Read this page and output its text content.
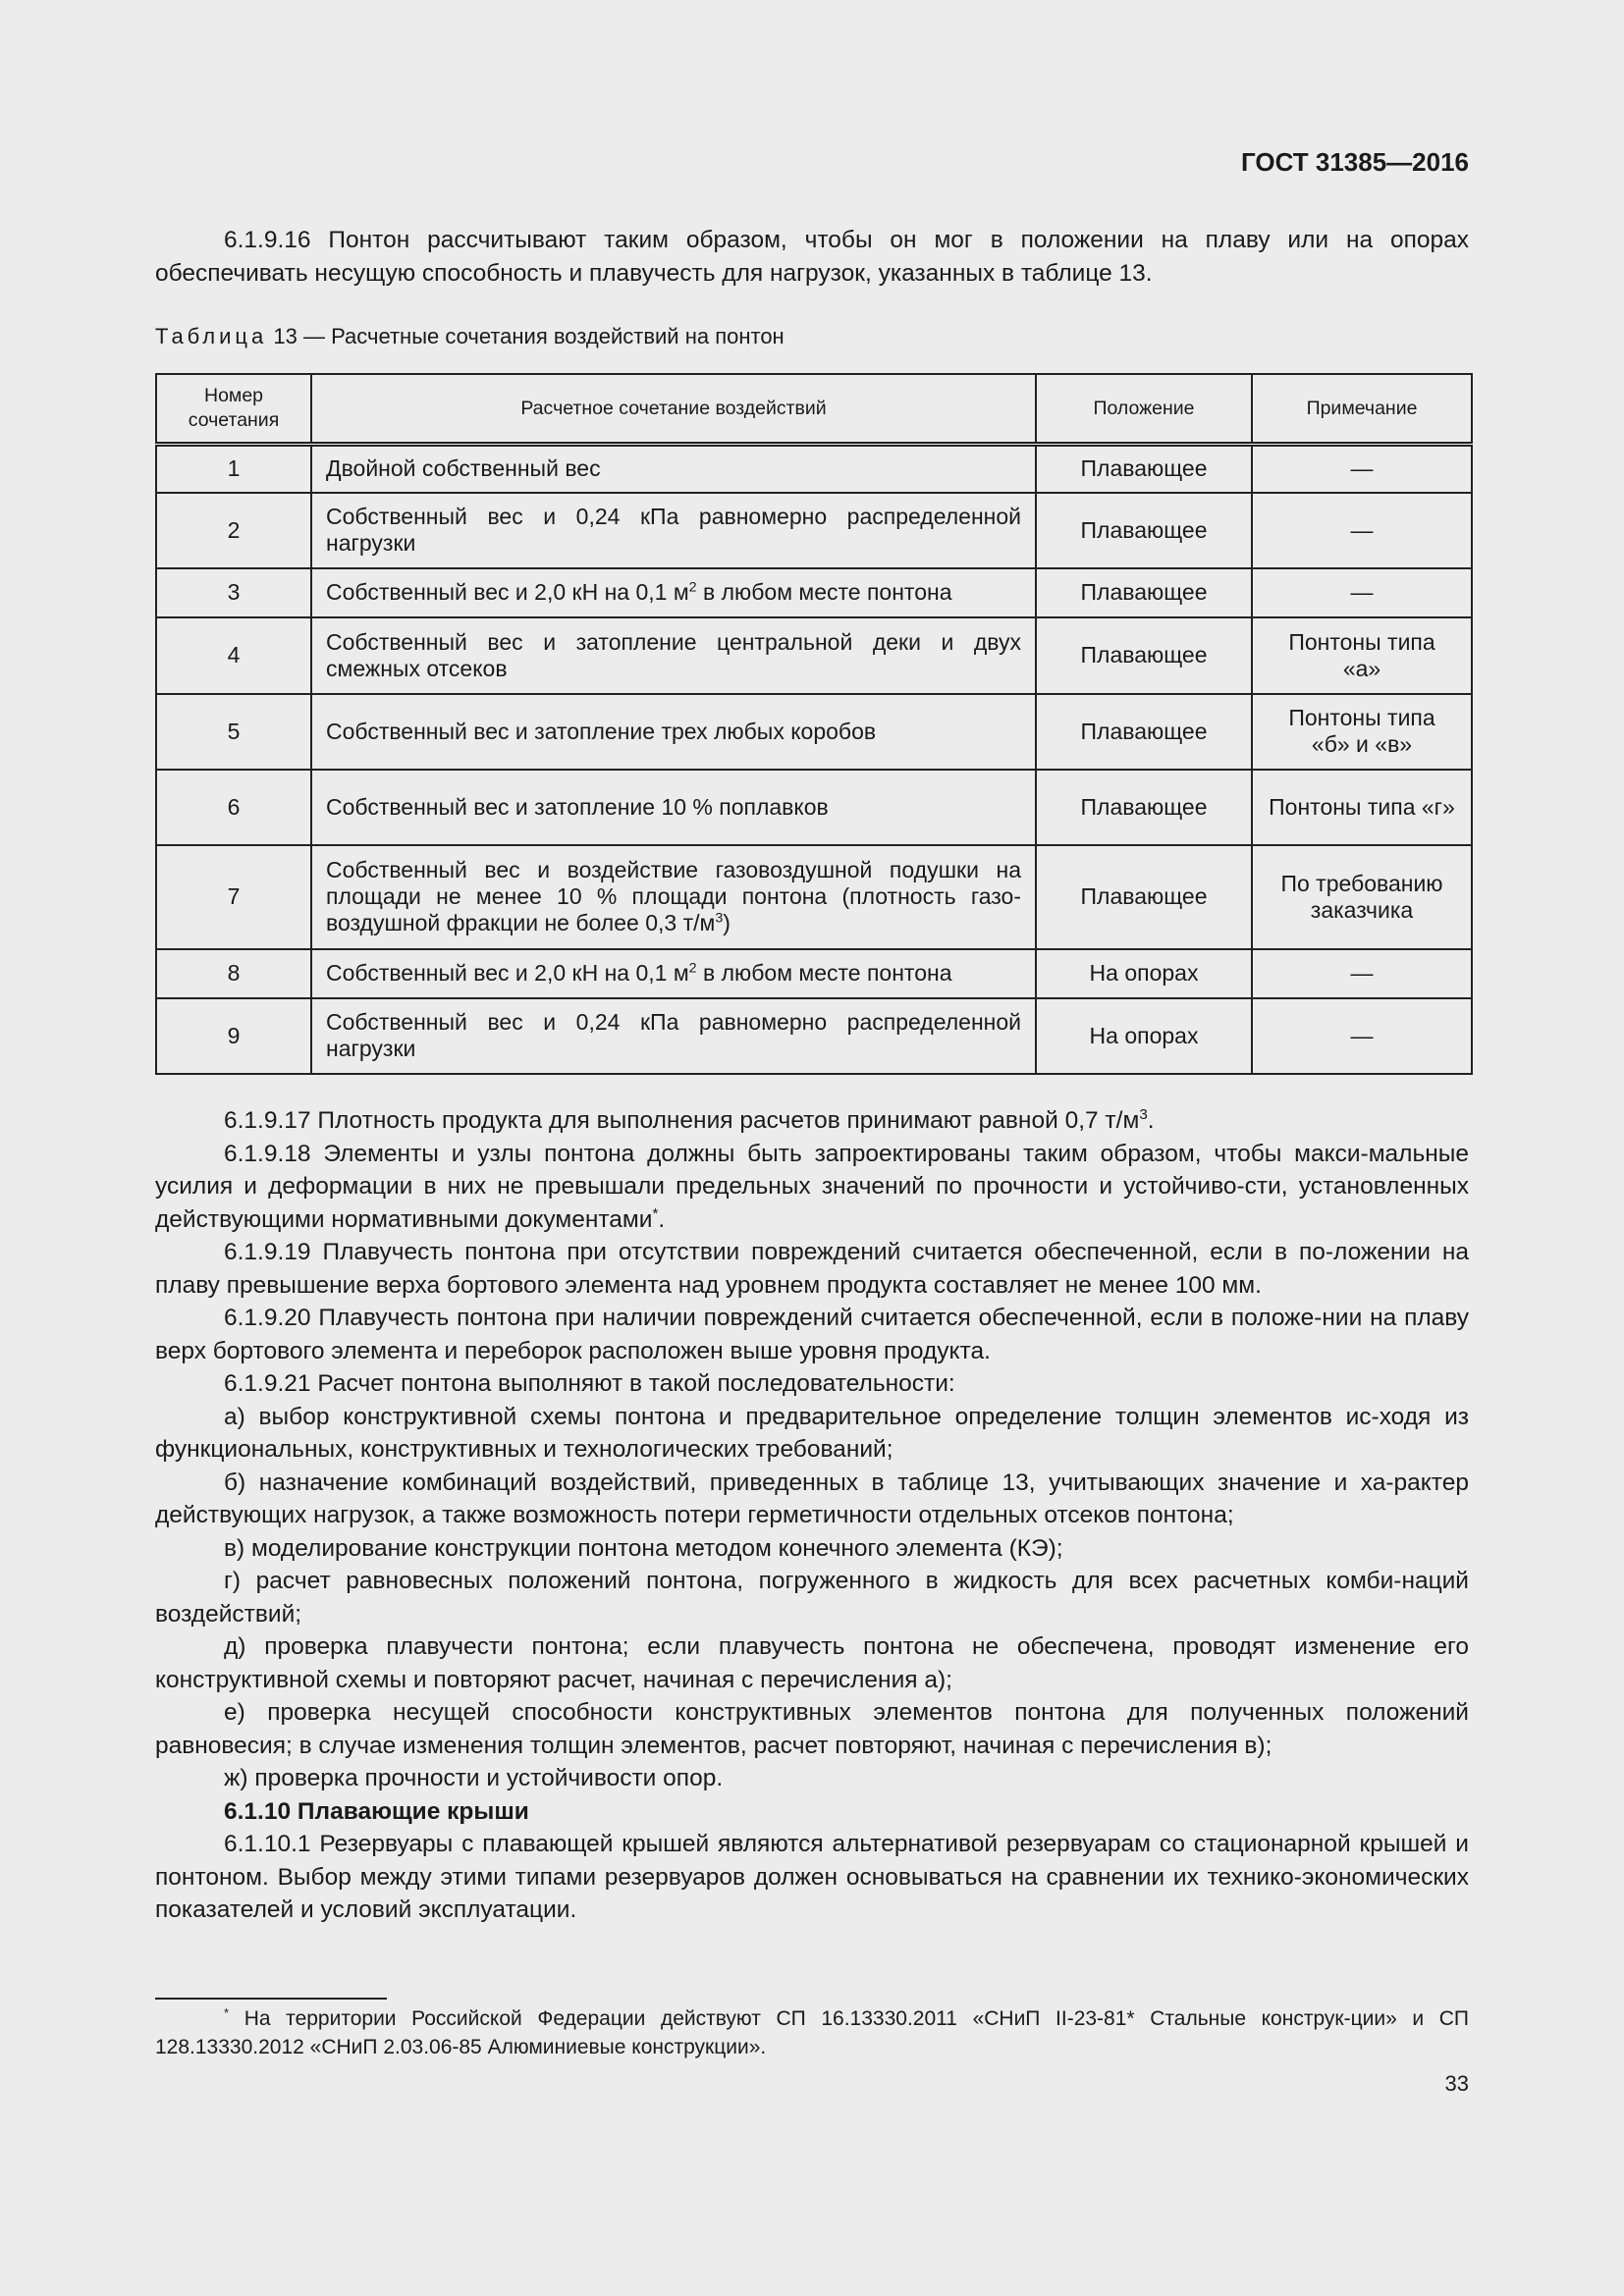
ГОСТ 31385—2016

6.1.9.16 Понтон рассчитывают таким образом, чтобы он мог в положении на плаву или на опорах обеспечивать несущую способность и плавучесть для нагрузок, указанных в таблице 13.

Таблица 13 — Расчетные сочетания воздействий на понтон
Номер сочетания	Расчетное сочетание воздействий	Положение	Примечание
1	Двойной собственный вес	Плавающее	—
2	Собственный вес и 0,24 кПа равномерно распределенной нагрузки	Плавающее	—
3	Собственный вес и 2,0 кН на 0,1 $м^2$ в любом месте понтона	Плавающее	—
4	Собственный вес и затопление центральной деки и двух смежных отсеков	Плавающее	Понтоны типа «а»
5	Собственный вес и затопление трех любых коробов	Плавающее	Понтоны типа «б» и «в»
6	Собственный вес и затопление 10 % поплавков	Плавающее	Понтоны типа «г»
7	Собственный вес и воздействие газовоздушной подушки на площади не менее 10 % площади понтона (плотность газо-воздушной фракции не более 0,3 $т/м^3$)	Плавающее	По требованию заказчика
8	Собственный вес и 2,0 кН на 0,1 $м^2$ в любом месте понтона	На опорах	—
9	Собственный вес и 0,24 кПа равномерно распределенной нагрузки	На опорах	—

6.1.9.17 Плотность продукта для выполнения расчетов принимают равной 0,7 $т/м^3$.

6.1.9.18 Элементы и узлы понтона должны быть запроектированы таким образом, чтобы макси-мальные усилия и деформации в них не превышали предельных значений по прочности и устойчиво-сти, установленных действующими нормативными документами*.

6.1.9.19 Плавучесть понтона при отсутствии повреждений считается обеспеченной, если в по-ложении на плаву превышение верха бортового элемента над уровнем продукта составляет не менее 100 мм.

6.1.9.20 Плавучесть понтона при наличии повреждений считается обеспеченной, если в положе-нии на плаву верх бортового элемента и переборок расположен выше уровня продукта.

6.1.9.21 Расчет понтона выполняют в такой последовательности:

а) выбор конструктивной схемы понтона и предварительное определение толщин элементов ис-ходя из функциональных, конструктивных и технологических требований;

б) назначение комбинаций воздействий, приведенных в таблице 13, учитывающих значение и ха-рактер действующих нагрузок, а также возможность потери герметичности отдельных отсеков понтона;

в) моделирование конструкции понтона методом конечного элемента (КЭ);

г) расчет равновесных положений понтона, погруженного в жидкость для всех расчетных комби-наций воздействий;

д) проверка плавучести понтона; если плавучесть понтона не обеспечена, проводят изменение его конструктивной схемы и повторяют расчет, начиная с перечисления а);

е) проверка несущей способности конструктивных элементов понтона для полученных положений равновесия; в случае изменения толщин элементов, расчет повторяют, начиная с перечисления в);

ж) проверка прочности и устойчивости опор.

6.1.10 Плавающие крыши

6.1.10.1 Резервуары с плавающей крышей являются альтернативой резервуарам со стационарной крышей и понтоном. Выбор между этими типами резервуаров должен основываться на сравнении их технико-экономических показателей и условий эксплуатации.

* На территории Российской Федерации действуют СП 16.13330.2011 «СНиП II-23-81* Стальные конструк-ции» и СП 128.13330.2012 «СНиП 2.03.06-85 Алюминиевые конструкции».

33
